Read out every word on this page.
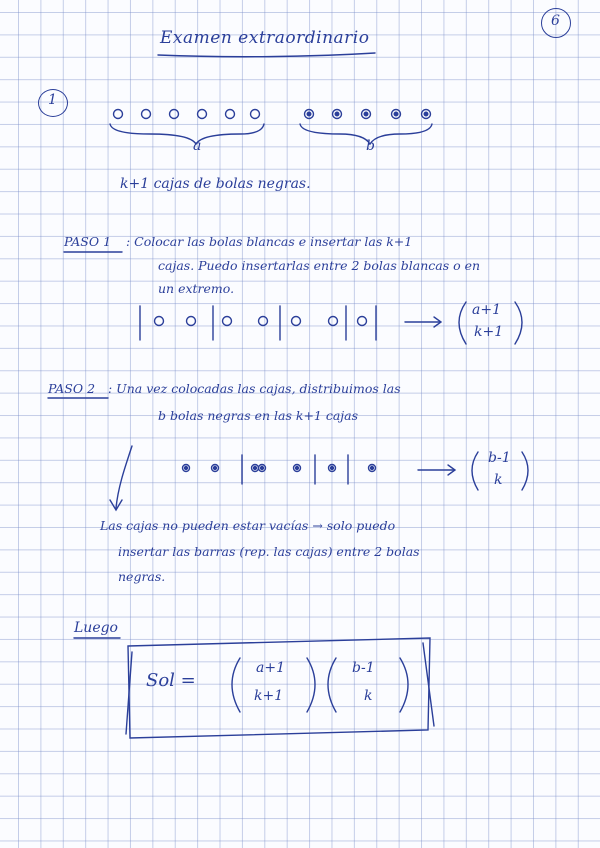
6
Examen extraordinario
1
a	b
k+1 cajas de bolas negras.
PASO 1 : Colocar las bolas blancas e insertar las k+1
cajas. Puedo insertarlas entre 2 bolas blancas o en
un extremo.
a+1
k+1
PASO 2 : Una vez colocadas las cajas, distribuimos las
b bolas negras en las k+1 cajas
b-1
k
Las cajas no pueden estar vacías → solo puedo
insertar las barras (rep. las cajas) entre 2 bolas
negras.
Luego
Sol =
a+1
k+1
b-1
k
